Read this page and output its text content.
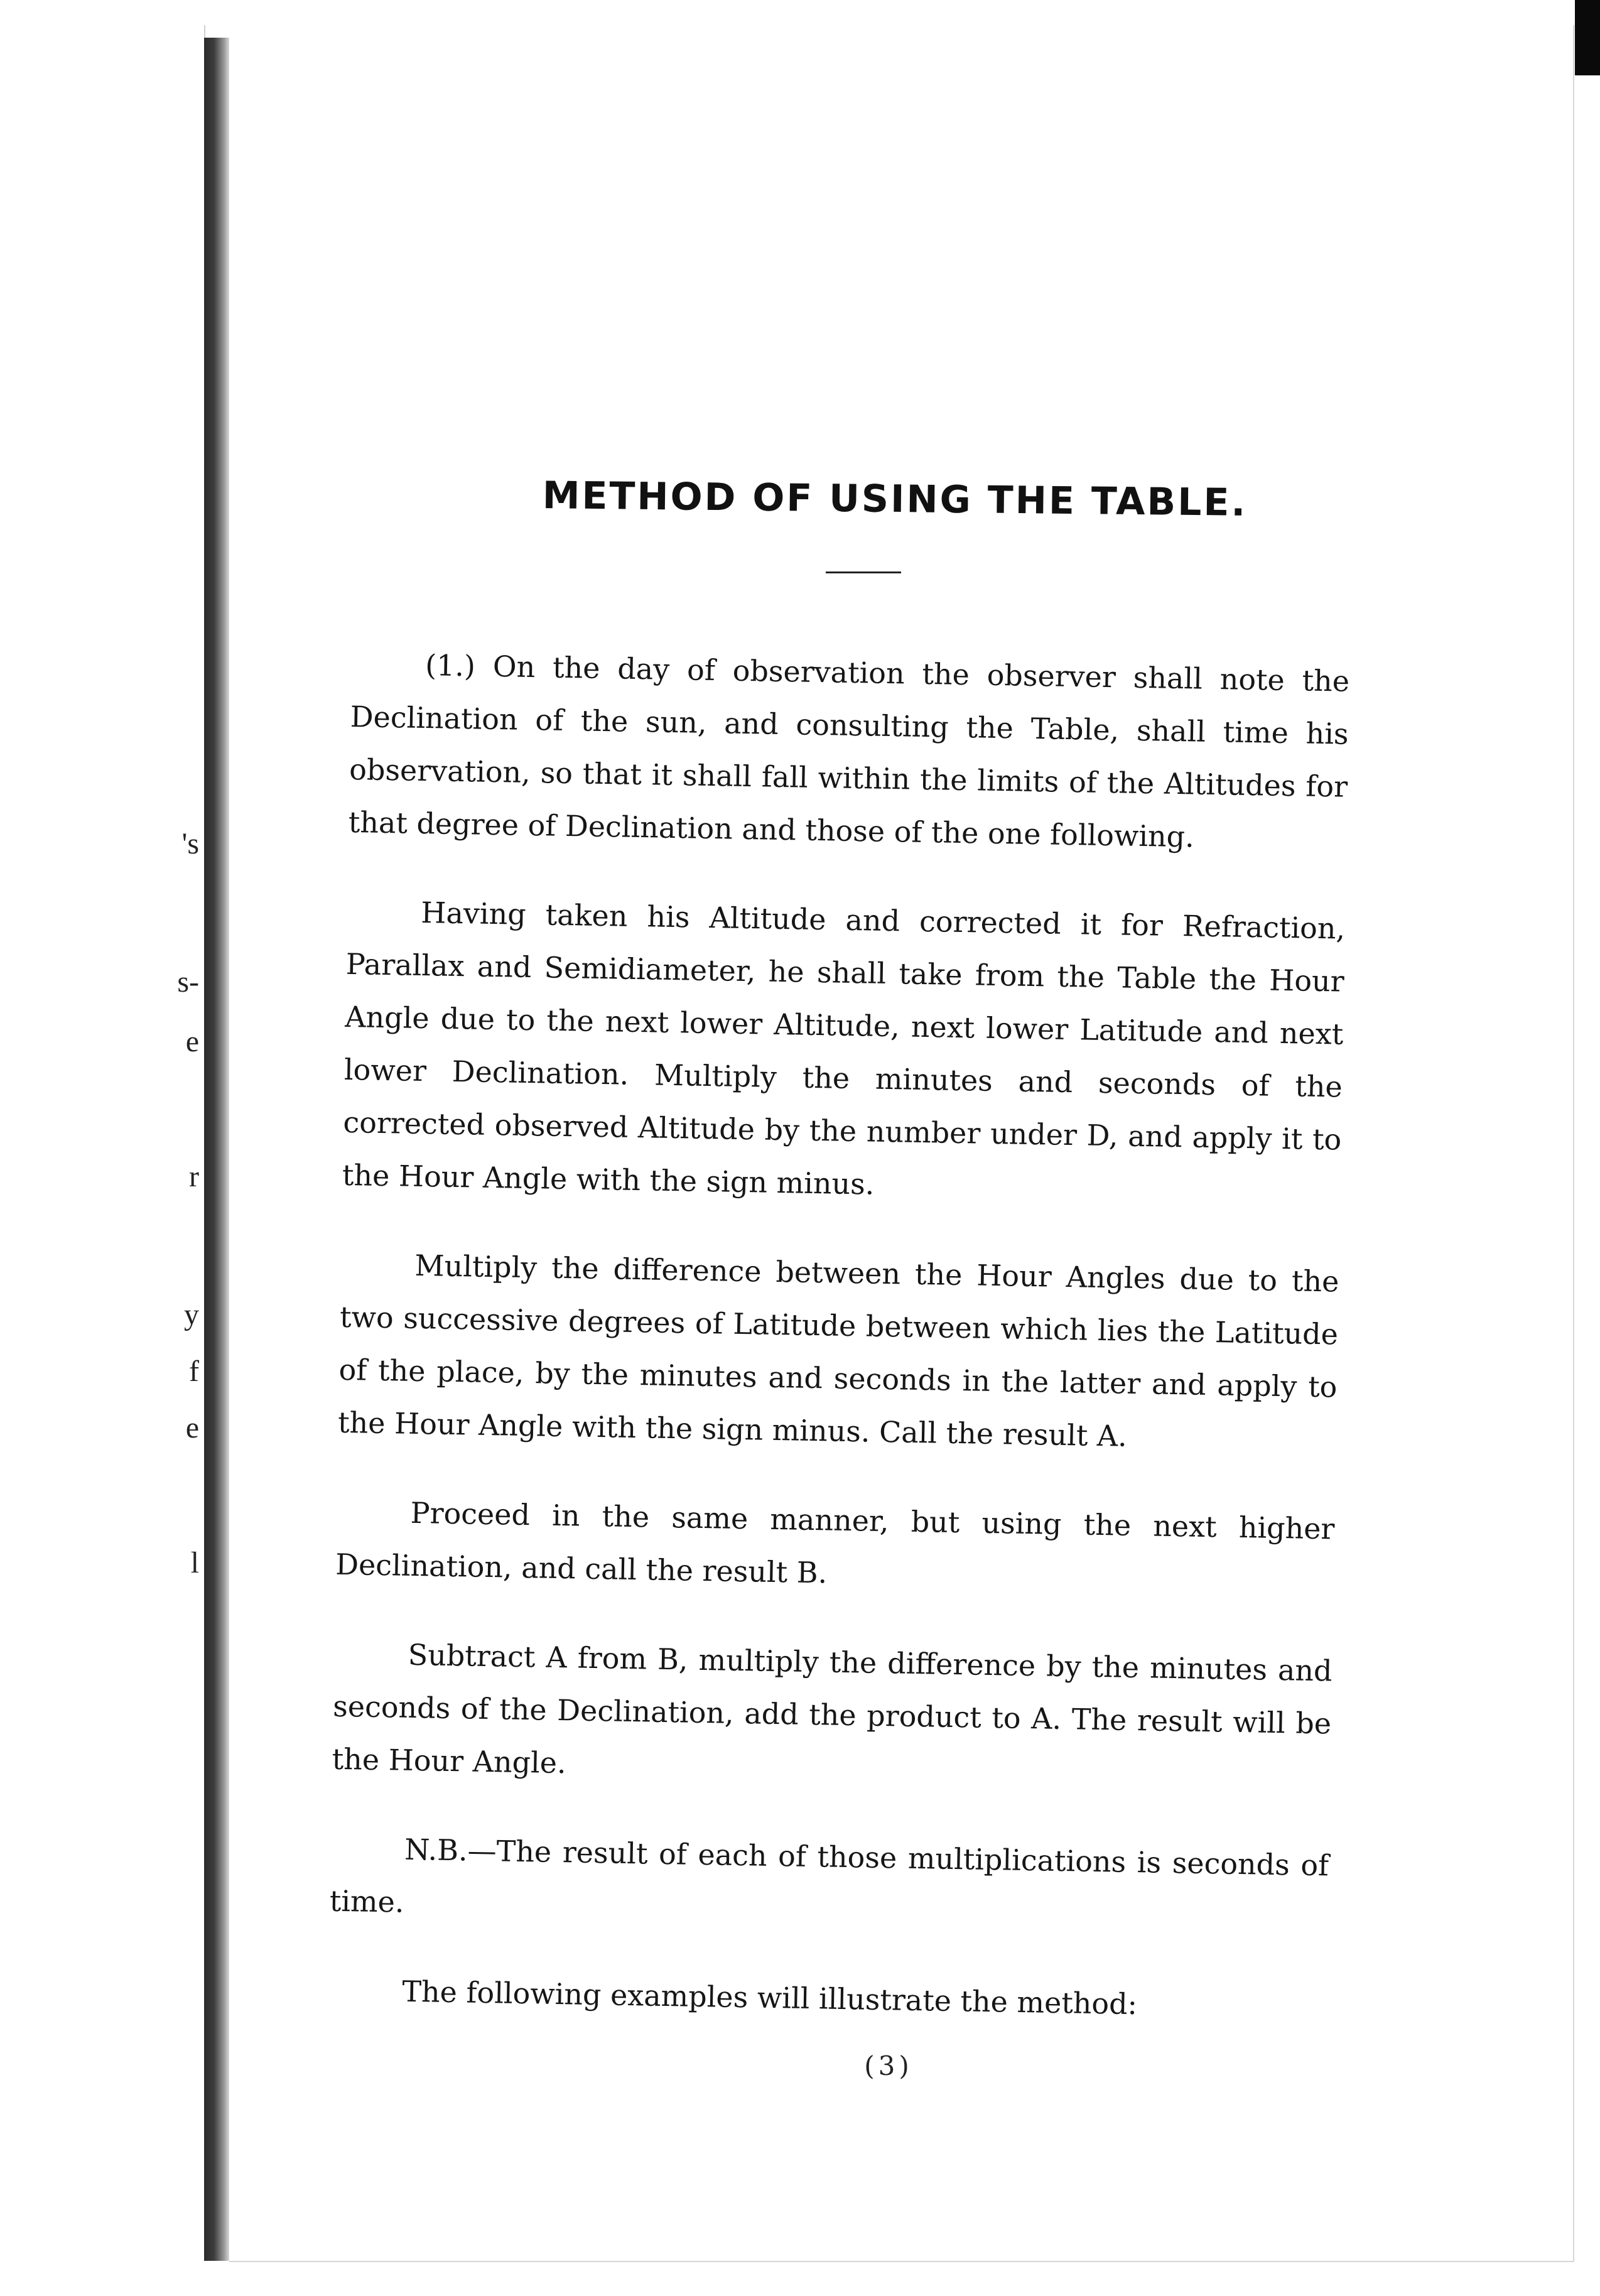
's
s-
e
r
y
f
e
l
METHOD OF USING THE TABLE.

(1.) On the day of observation the observer shall note the Declination of the sun, and consulting the Table, shall time his observation, so that it shall fall within the limits of the Altitudes for that degree of Declination and those of the one following.

Having taken his Altitude and corrected it for Refraction, Parallax and Semidiameter, he shall take from the Table the Hour Angle due to the next lower Altitude, next lower Latitude and next lower Declination. Multiply the minutes and seconds of the corrected observed Altitude by the number under D, and apply it to the Hour Angle with the sign minus.

Multiply the difference between the Hour Angles due to the two successive degrees of Latitude between which lies the Latitude of the place, by the minutes and seconds in the latter and apply to the Hour Angle with the sign minus. Call the result A.

Proceed in the same manner, but using the next higher Declination, and call the result B.

Subtract A from B, multiply the difference by the minutes and seconds of the Declination, add the product to A. The result will be the Hour Angle.

N.B.—The result of each of those multiplications is seconds of time.

The following examples will illustrate the method:

(3)
